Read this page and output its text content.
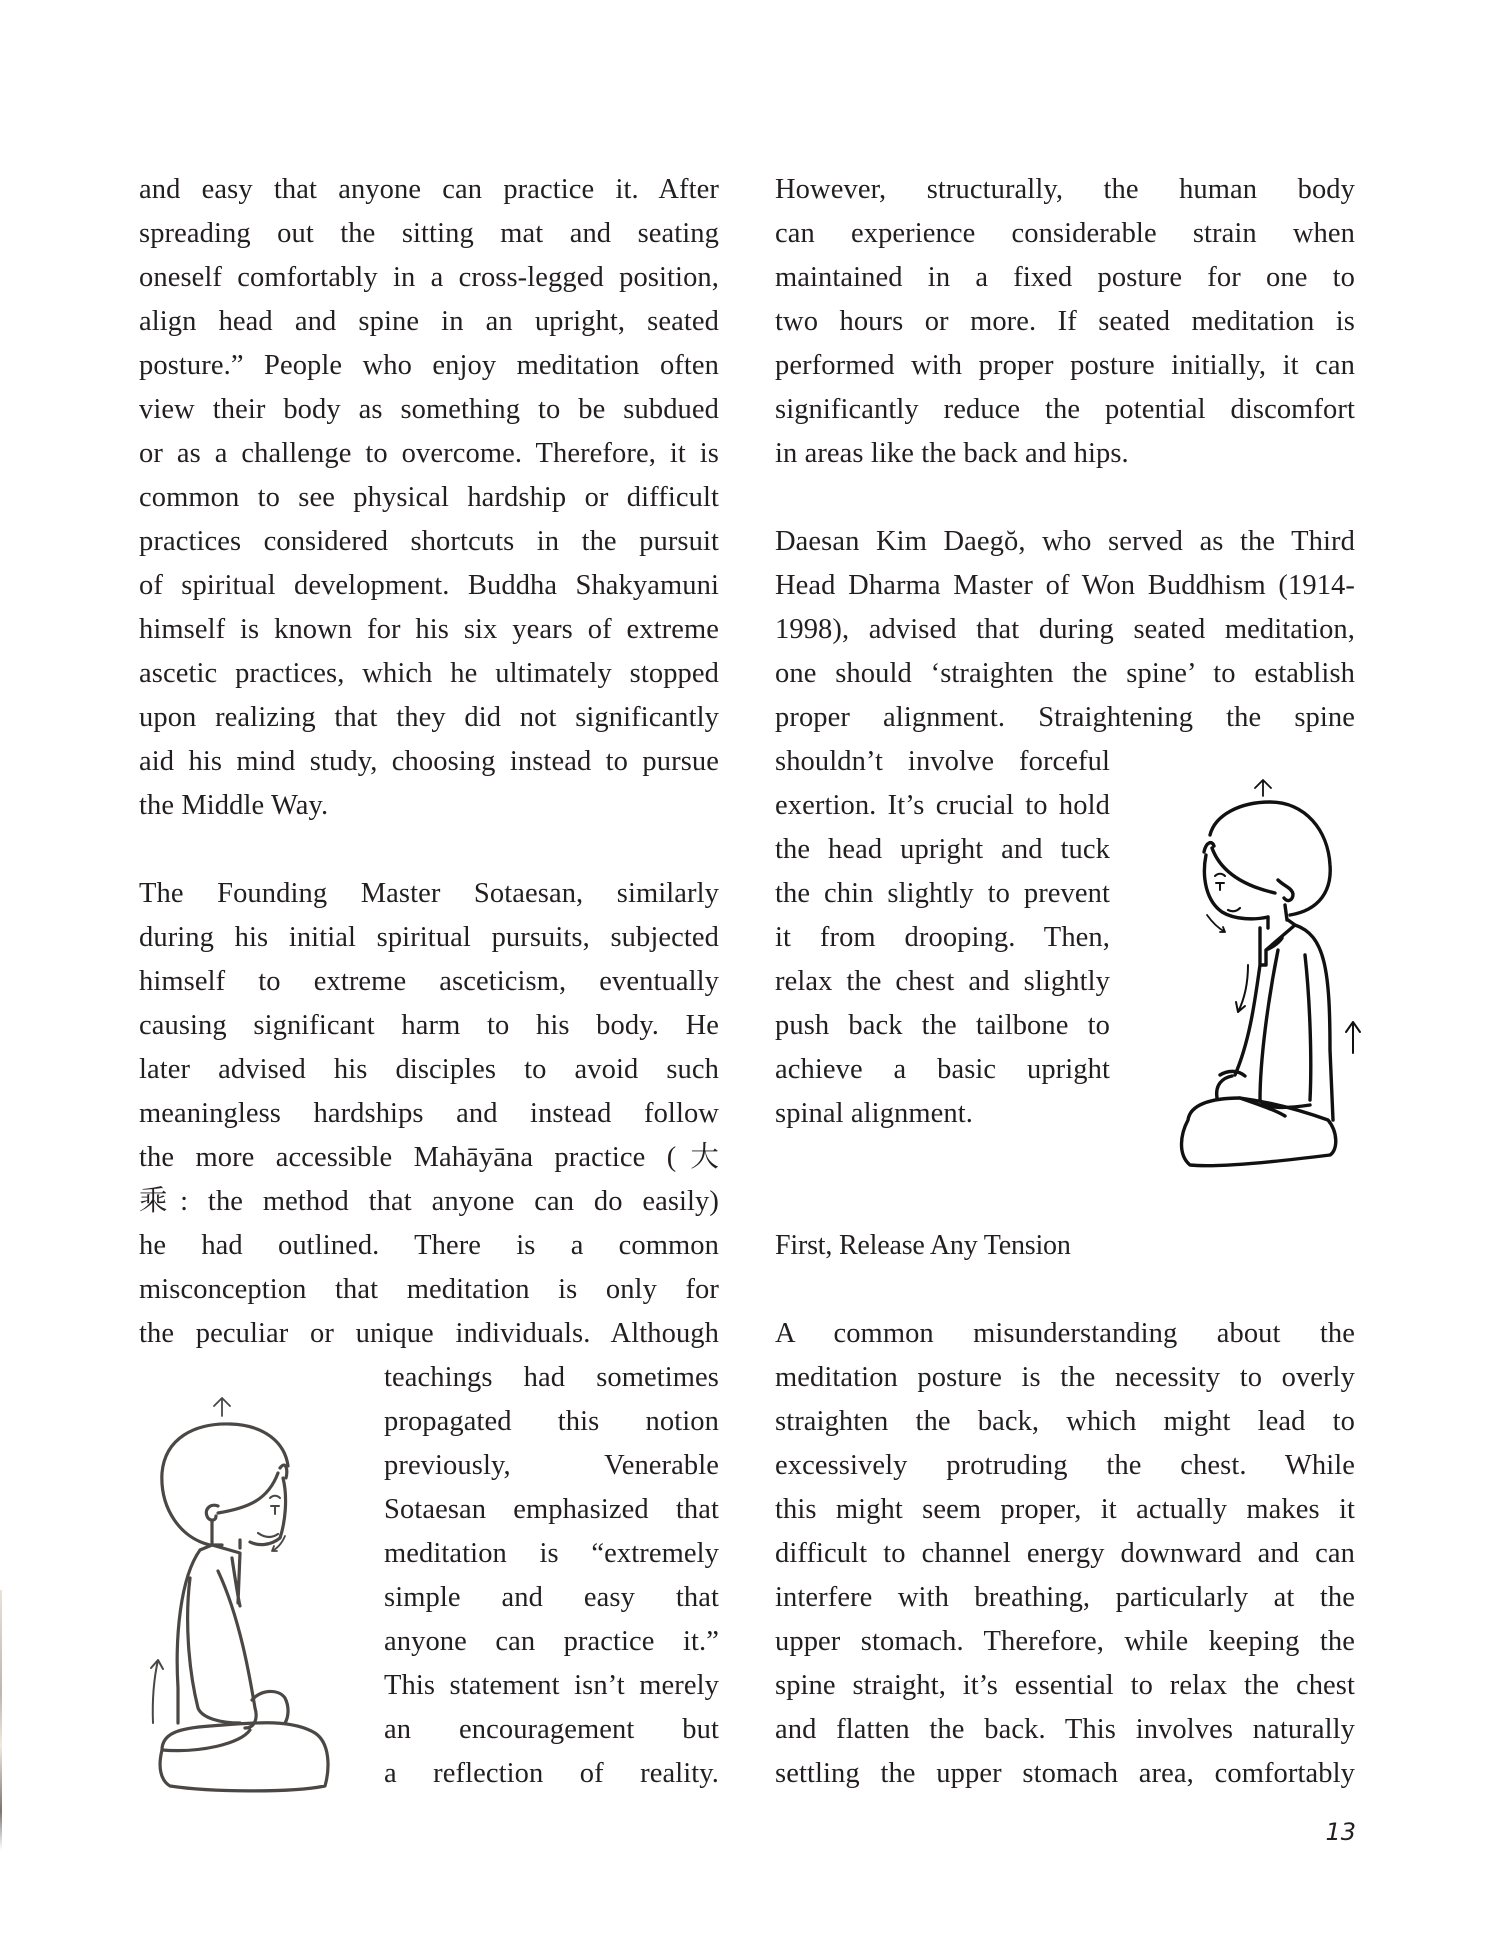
and easy that anyone can practice it. After
spreading out the sitting mat and seating
oneself comfortably in a cross-legged position,
align head and spine in an upright, seated
posture.” People who enjoy meditation often
view their body as something to be subdued
or as a challenge to overcome. Therefore, it is
common to see physical hardship or difficult
practices considered shortcuts in the pursuit
of spiritual development. Buddha Shakyamuni
himself is known for his six years of extreme
ascetic practices, which he ultimately stopped
upon realizing that they did not significantly
aid his mind study, choosing instead to pursue
the Middle Way.
The Founding Master Sotaesan, similarly
during his initial spiritual pursuits, subjected
himself to extreme asceticism, eventually
causing significant harm to his body. He
later advised his disciples to avoid such
meaningless hardships and instead follow
the more accessible Mahāyāna practice (大
乘: the method that anyone can do easily)
he had outlined. There is a common
misconception that meditation is only for
the peculiar or unique individuals. Although
teachings had sometimes
propagated this notion
previously, Venerable
Sotaesan emphasized that
meditation is “extremely
simple and easy that
anyone can practice it.”
This statement isn’t merely
an encouragement but
a reflection of reality.
However, structurally, the human body
can experience considerable strain when
maintained in a fixed posture for one to
two hours or more. If seated meditation is
performed with proper posture initially, it can
significantly reduce the potential discomfort
in areas like the back and hips.
Daesan Kim Daegŏ, who served as the Third
Head Dharma Master of Won Buddhism (1914-
1998), advised that during seated meditation,
one should ‘straighten the spine’ to establish
proper alignment. Straightening the spine
shouldn’t involve forceful
exertion. It’s crucial to hold
the head upright and tuck
the chin slightly to prevent
it from drooping. Then,
relax the chest and slightly
push back the tailbone to
achieve a basic upright
spinal alignment.
First, Release Any Tension
A common misunderstanding about the
meditation posture is the necessity to overly
straighten the back, which might lead to
excessively protruding the chest. While
this might seem proper, it actually makes it
difficult to channel energy downward and can
interfere with breathing, particularly at the
upper stomach. Therefore, while keeping the
spine straight, it’s essential to relax the chest
and flatten the back. This involves naturally
settling the upper stomach area, comfortably
13
